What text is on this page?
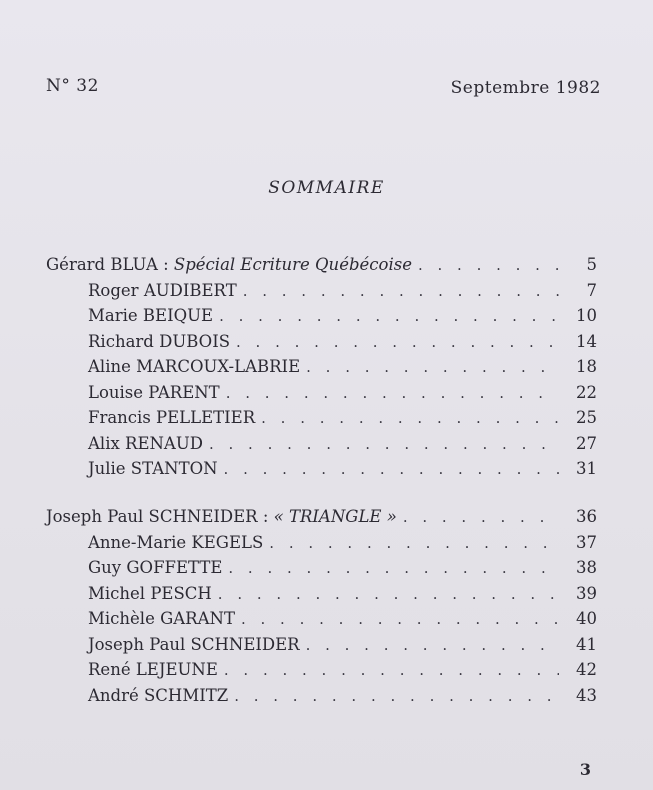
N° 32	Septembre 1982
SOMMAIRE
Gérard BLUA : Spécial Ecriture Québécoise . . .	5
Roger AUDIBERT . . .	7
Marie BEIQUE . . .	10
Richard DUBOIS . . .	14
Aline MARCOUX-LABRIE . . .	18
Louise PARENT . . .	22
Francis PELLETIER . . .	25
Alix RENAUD . . .	27
Julie STANTON . . .	31
Joseph Paul SCHNEIDER : « TRIANGLE » . . .	36
Anne-Marie KEGELS . . .	37
Guy GOFFETTE . . .	38
Michel PESCH . . .	39
Michèle GARANT . . .	40
Joseph Paul SCHNEIDER . . .	41
René LEJEUNE . . .	42
André SCHMITZ . . .	43
3
